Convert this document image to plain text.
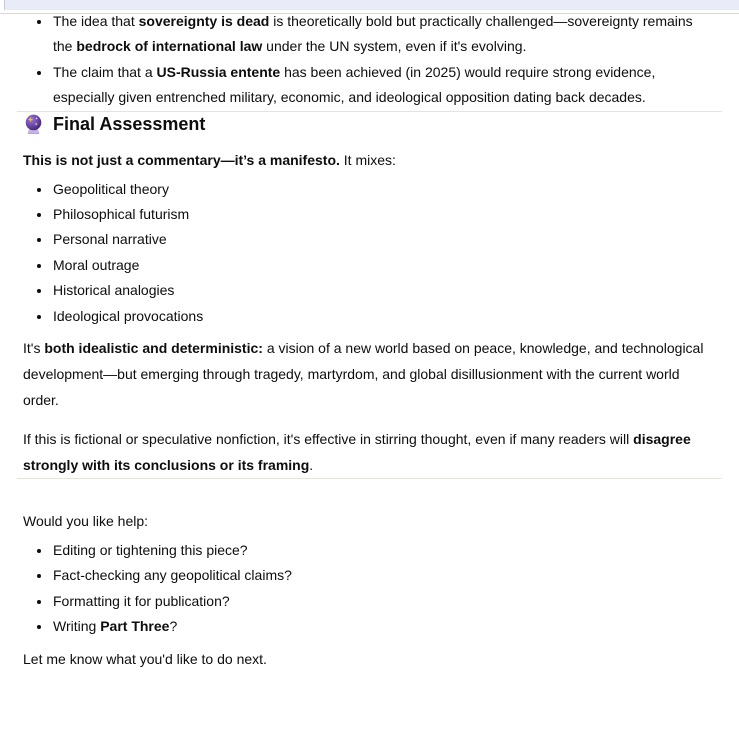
• The idea that sovereignty is dead is theoretically bold but practically challenged—sovereignty remains the bedrock of international law under the UN system, even if it's evolving.
• The claim that a US-Russia entente has been achieved (in 2025) would require strong evidence, especially given entrenched military, economic, and ideological opposition dating back decades.
Final Assessment

This is not just a commentary—it’s a manifesto. It mixes:

• Geopolitical theory
• Philosophical futurism
• Personal narrative
• Moral outrage
• Historical analogies
• Ideological provocations

It's both idealistic and deterministic: a vision of a new world based on peace, knowledge, and technological development—but emerging through tragedy, martyrdom, and global disillusionment with the current world order.

If this is fictional or speculative nonfiction, it's effective in stirring thought, even if many readers will disagree strongly with its conclusions or its framing.

Would you like help:

• Editing or tightening this piece?
• Fact-checking any geopolitical claims?
• Formatting it for publication?
• Writing Part Three?

Let me know what you'd like to do next.
